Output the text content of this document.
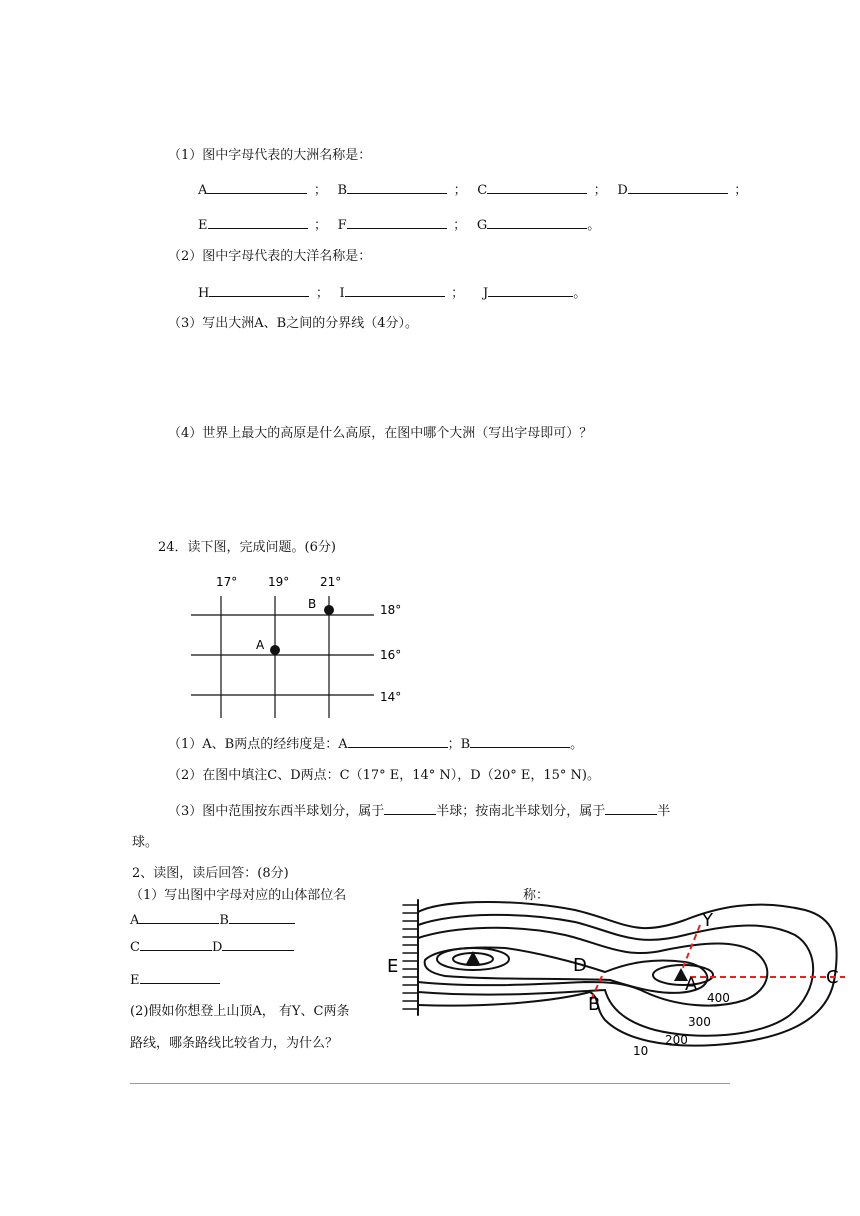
（1）图中字母代表的大洲名称是：
A	； B	； C	； D	；
E	； F	； G	。
（2）图中字母代表的大洋名称是：
H	； I	； J	。
（3）写出大洲A、B之间的分界线（4分）。
（4）世界上最大的高原是什么高原，在图中哪个大洲（写出字母即可）？
24．读下图，完成问题。(6分)
17°	19°	21°
18°
16°
14°
B
A
（1）A、B两点的经纬度是：A	；B	。
（2）在图中填注C、D两点：C（17° E，14° N），D（20° E，15° N)。
（3）图中范围按东西半球划分，属于	半球；按南北半球划分，属于	半
球。
2、读图，读后回答：(8分)
（1）写出图中字母对应的山体部位名	称：
A	B
C	D
E
(2)假如你想登上山顶A， 有Y、C两条
路线，哪条路线比较省力，为什么？
Y
E	D
A	C
B	400
300
200
10
